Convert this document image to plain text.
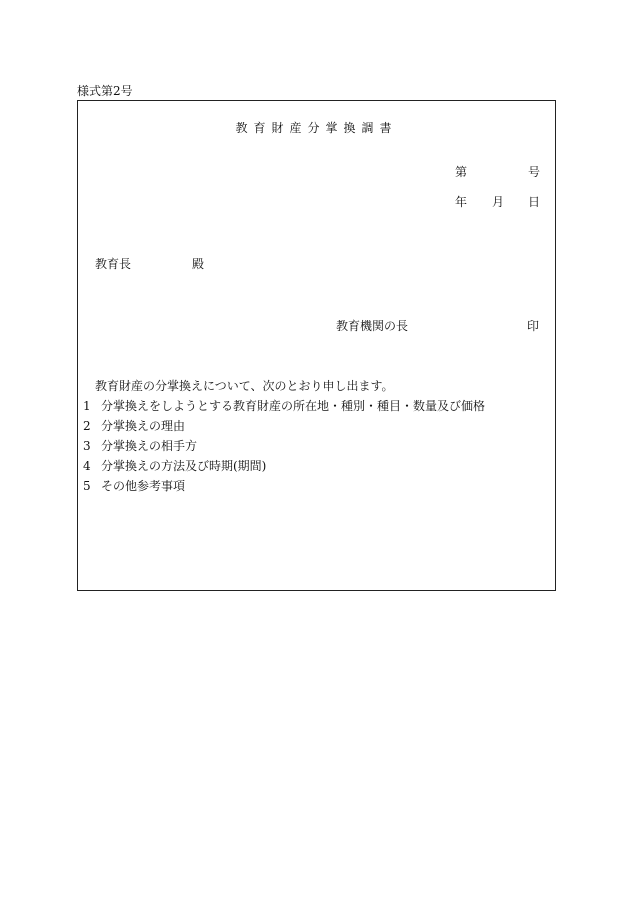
様式第2号
教育財産分掌換調書
第	号
年 月 日
教育長	殿
教育機関の長	印
教育財産の分掌換えについて、次のとおり申し出ます。
1 分掌換えをしようとする教育財産の所在地・種別・種目・数量及び価格
2 分掌換えの理由
3 分掌換えの相手方
4 分掌換えの方法及び時期(期間)
5 その他参考事項
